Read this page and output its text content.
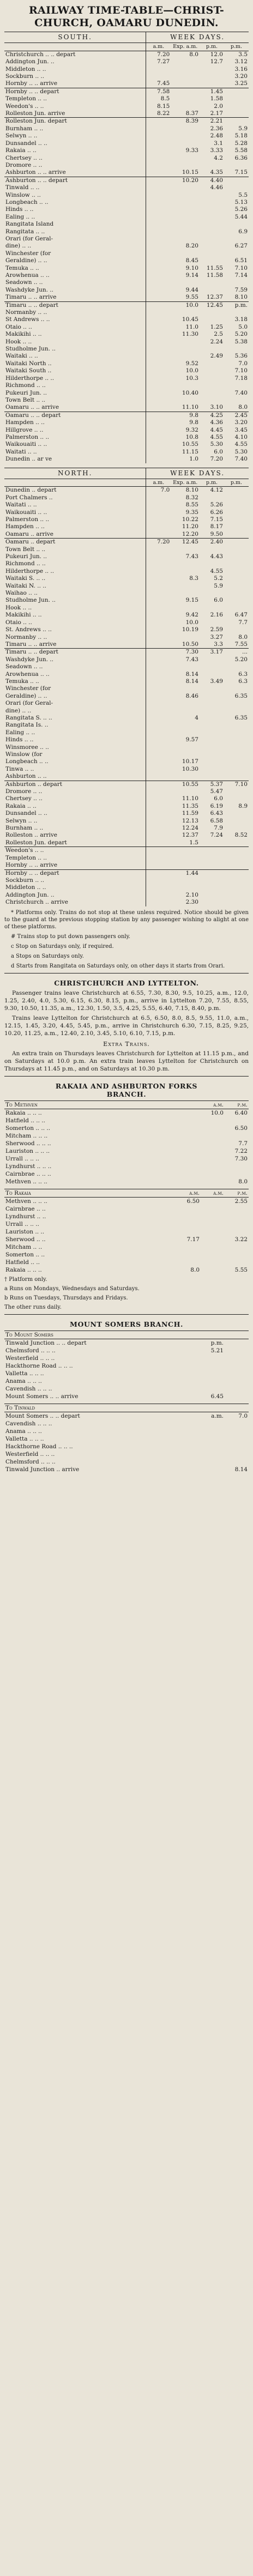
RAILWAY TIME-TABLE—CHRIST-
CHURCH, OAMARU DUNEDIN.
SOUTH.	WEEK DAYS.			
	a.m.	Exp. a.m.	p.m.	p.m.
Christchurch .. .. depart	7.20	8.0	12.0	3.5
Addington Jun. ..	7.27		12.7	3.12
Middleton .. ..				3.16
Sockburn .. ..				3.20
Hornby .. .. arrive	7.45			3.25
Hornby .. .. depart	7.58		1.45	
Templeton .. ..	8.5		1.58	
Weedon's .. ..	8.15		2.0	
Rolleston Jun. arrive	8.22	8.37	2.17	
Rolleston Jun. depart		8.39	2.21	
Burnham .. ..			2.36	5.9
Selwyn .. ..			2.48	5.18
Dunsandel .. ..			3.1	5.28
Rakaia .. ..		9.33	3.33	5.58
Chertsey .. ..			4.2	6.36
Dromore .. ..				
Ashburton .. .. arrive		10.15	4.35	7.15
Ashburton .. .. depart		10.20	4.40	
Tinwald .. ..			4.46	
Winslow .. ..				5.5
Longbeach .. ..				5.13
Hinds .. ..				5.26
Ealing .. ..				5.44
Rangitata Island				
Rangitata .. ..				6.9
Orari (for Geral-				
dine) .. ..		8.20		6.27
Winchester (for				
Geraldine) .. ..		8.45		6.51
Temuka .. ..		9.10	11.55	7.10
Arowhenua .. ..		9.14	11.58	7.14
Seadown .. ..				
Washdyke Jun. ..		9.44		7.59
Timaru .. .. arrive		9.55	12.37	8.10
Timaru .. .. depart		10.0	12.45	p.m.
Normanby .. ..				
St Andrews .. ..		10.45		3.18
Otaio .. ..		11.0	1.25	5.0
Makikihi .. ..		11.30	2.5	5.20
Hook .. ..			2.24	5.38
Studholme Jun. ..				
Waitaki .. ..			2.49	5.36
Waitaki North ..		9.52		7.0
Waitaki South ..		10.0		7.10
Hilderthorpe .. ..		10.3		7.18
Richmond .. ..				
Pukeuri Jun. ..		10.40		7.40
Town Belt .. ..				
Oamaru .. .. arrive		11.10	3.10	8.0
Oamaru .. .. depart		9.8	4.25	2.45
Hampden .. ..		9.8	4.36	3.20
Hillgrove .. ..		9.32	4.45	3.45
Palmerston .. ..		10.8	4.55	4.10
Waikouaiti .. ..		10.55	5.30	4.55
Waitati .. ..		11.15	6.0	5.30
Dunedin .. ar ve		1.0	7.20	7.40
NORTH.	WEEK DAYS.			
	a.m.	Exp. a.m.	p.m.	p.m.
Dunedin .. depart	7.0	8.10	4.12	
Port Chalmers ..		8.32		
Waitati .. ..		8.55	5.26	
Waikouaiti .. ..		9.35	6.26	
Palmerston .. ..		10.22	7.15	
Hampden .. ..		11.20	8.17	
Oamaru .. arrive		12.20	9.50	
Oamaru .. depart	7.20	12.45	2.40	
Town Belt .. ..				
Pukeuri Jun. ..		7.43	4.43	
Richmond .. ..				
Hilderthorpe .. ..			4.55	
Waitaki S. .. ..		8.3	5.2	
Waitaki N. .. ..			5.9	
Waihao .. ..				
Studholme Jun. ..		9.15	6.0	
Hook .. ..				
Makikihi .. ..		9.42	2.16	6.47
Otaio .. ..		10.0		7.7
St. Andrews .. ..		10.19	2.59	
Normanby .. ..			3.27	8.0
Timaru .. .. arrive		10.50	3.3	7.55
Timaru .. .. depart		7.30	3.17	...
Washdyke Jun. ..		7.43		5.20
Seadown .. ..				
Arowhenua .. ..		8.14		6.3
Temuka .. ..		8.14	3.49	6.3
Winchester (for				
Geraldine) .. ..		8.46		6.35
Orari (for Geral-				
dine) .. ..				
Rangitata S. .. ..		4		6.35
Rangitata Is. ..				
Ealing .. ..				
Hinds .. ..		9.57		
Winsmoree .. ..				
Winslow (for				
Longbeach .. ..		10.17		
Tinwa .. ..		10.30		
Ashburton .. ..				
Ashburton .. depart		10.55	5.37	7.10
Dromore .. ..			5.47	
Chertsey .. ..		11.10	6.0	
Rakaia .. ..		11.35	6.19	8.9
Dunsandel .. ..		11.59	6.43	
Selwyn .. ..		12.13	6.58	
Burnham .. ..		12.24	7.9	
Rolleston .. arrive		12.37	7.24	8.52
Rolleston Jun. depart		1.5		
Weedon's .. ..				
Templeton .. ..				
Hornby .. .. arrive				
Hornby .. .. depart		1.44		
Sockburn .. ..				
Middleton .. ..				
Addington Jun. ..		2.10		
Christchurch .. arrive		2.30		
* Platforms only. Trains do not stop at these unless required. Notice should be given to the guard at the previous stopping station by any passenger wishing to alight at one of these platforms.
# Trains stop to put down passengers only.
c Stop on Saturdays only, if required.
a Stops on Saturdays only.
d Starts from Rangitata on Saturdays only, on other days it starts from Orari.
CHRISTCHURCH AND LYTTELTON.
Passenger trains leave Christchurch at 6.55, 7.30, 8.30, 9.5, 10.25, a.m., 12.0, 1.25, 2.40, 4.0, 5.30, 6.15, 6.30, 8.15, p.m., arrive in Lyttelton 7.20, 7.55, 8.55, 9.30, 10.50, 11.35, a.m., 12.30, 1.50, 3.5, 4.25, 5.55, 6.40, 7.15, 8.40, p.m.
Trains leave Lyttelton for Christchurch at 6.5, 6.50, 8.0, 8.5, 9.55, 11.0, a.m., 12.15, 1.45, 3.20, 4.45, 5.45, p.m., arrive in Christchurch 6.30, 7.15, 8.25, 9.25, 10.20, 11.25, a.m., 12.40, 2.10, 3.45, 5.10, 6.10, 7.15, p.m.
Extra Trains.
An extra train on Thursdays leaves Christchurch for Lyttelton at 11.15 p.m., and on Saturdays at 10.0 p.m. An extra train leaves Lyttelton for Christchurch on Thursdays at 11.45 p.m., and on Saturdays at 10.30 p.m.
RAKAIA AND ASHBURTON FORKS
BRANCH.
To Methven	a.m.	p.m.
Rakaia .. .. ..	10.0	6.40
Hatfield .. .. ..		
Somerton .. .. ..		6.50
Mitcham .. .. ..		
Sherwood .. .. ..		7.7
Lauriston .. .. ..		7.22
Urrall .. .. ..		7.30
Lyndhurst .. .. ..		
Cairnbrae .. .. ..		
Methven .. .. ..		8.0
To Rakaia	a.m.	a.m.	p.m.
Methven .. .. ..	6.50		2.55
Cairnbrae .. ..			
Lyndhurst .. ..			
Urrall .. .. ..			
Lauriston .. ..			
Sherwood .. ..	7.17		3.22
Mitcham .. ..			
Somerton .. ..			
Hatfield .. ..			
Rakaia .. .. ..	8.0		5.55
† Platform only.
a Runs on Mondays, Wednesdays and Saturdays.
b Runs on Tuesdays, Thursdays and Fridays.
The other runs daily.
MOUNT SOMERS BRANCH.
To Mount Somers		
Tinwald Junction .. .. depart	p.m.	
Chelmsford .. .. ..	5.21	
Westerfield .. .. ..		
Hackthorne Road .. .. ..		
Valletta .. .. ..		
Anama .. .. ..		
Cavendish .. .. ..		
Mount Somers .. .. arrive	6.45	
To Tinwald		
Mount Somers .. .. depart	a.m.	7.0
Cavendish .. .. ..		
Anama .. .. ..		
Valletta .. .. ..		
Hackthorne Road .. .. ..		
Westerfield .. .. ..		
Chelmsford .. .. ..		
Tinwald Junction .. arrive		8.14
